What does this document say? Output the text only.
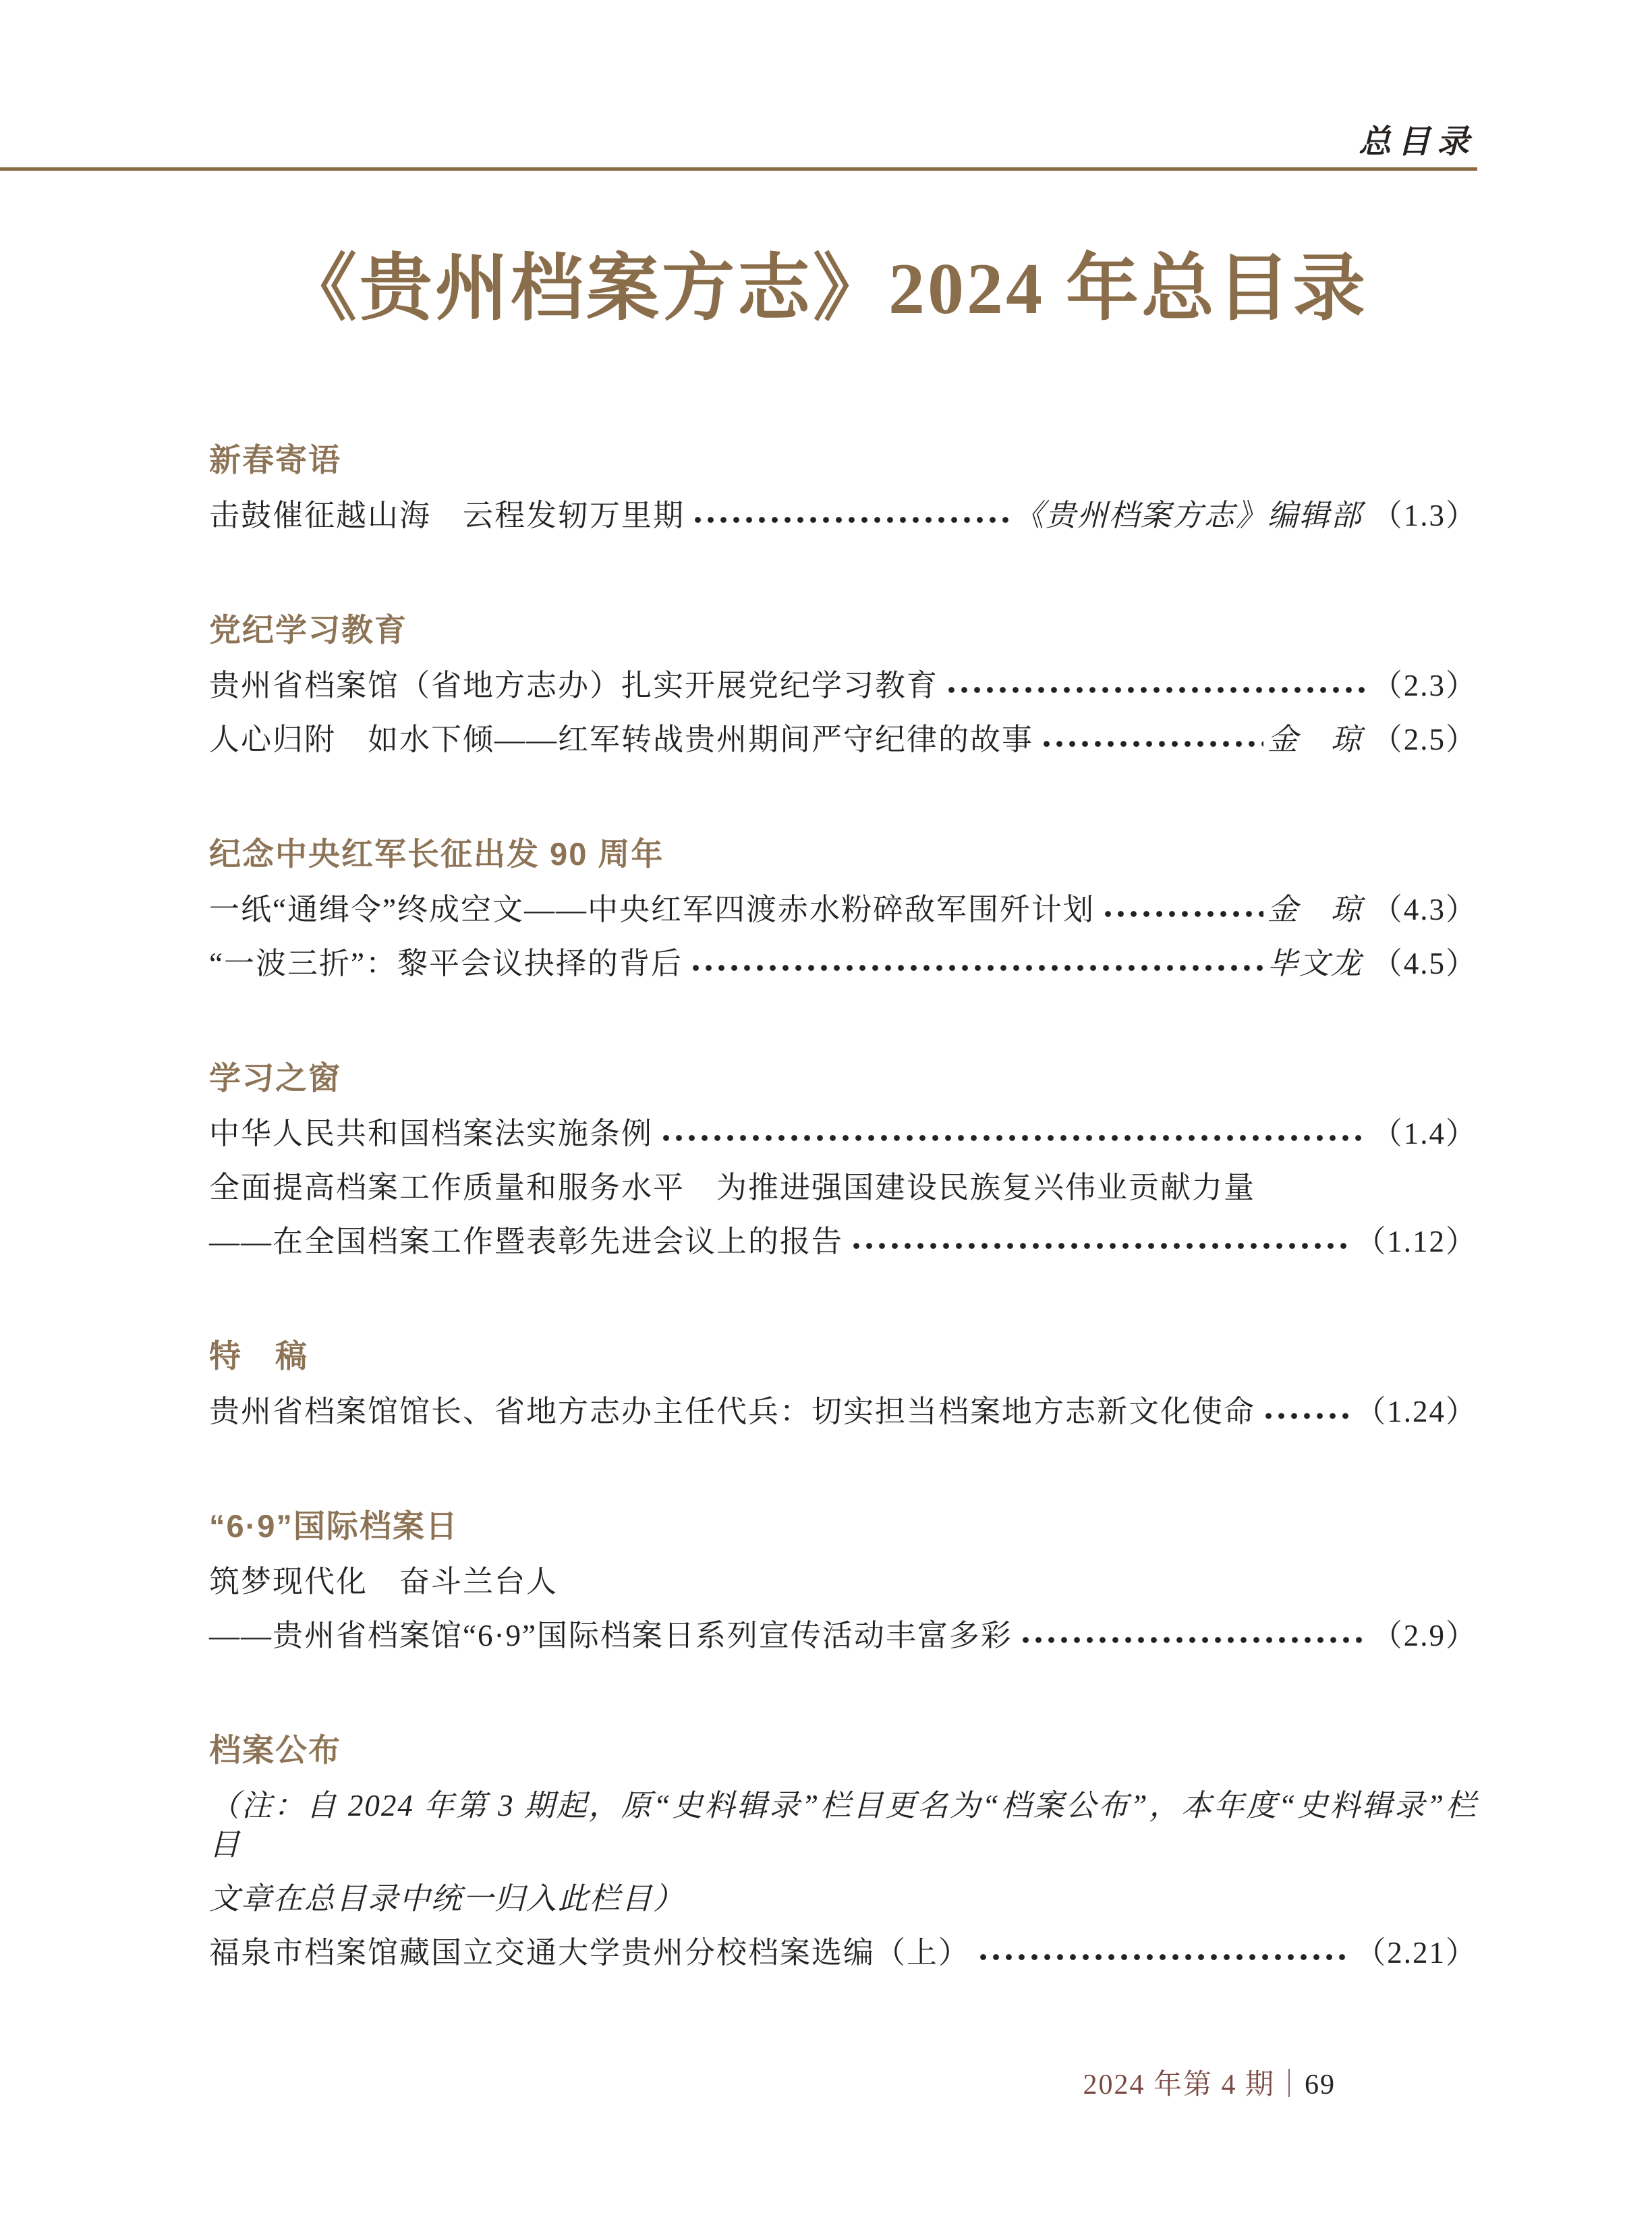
总目录
《贵州档案方志》2024 年总目录
新春寄语
击鼓催征越山海　云程发轫万里期	《贵州档案方志》编辑部 （1.3）
党纪学习教育
贵州省档案馆（省地方志办）扎实开展党纪学习教育	（2.3）
人心归附　如水下倾——红军转战贵州期间严守纪律的故事	金　琼 （2.5）
纪念中央红军长征出发 90 周年
一纸“通缉令”终成空文——中央红军四渡赤水粉碎敌军围歼计划	金　琼 （4.3）
“一波三折”：黎平会议抉择的背后	毕文龙 （4.5）
学习之窗
中华人民共和国档案法实施条例	（1.4）
全面提高档案工作质量和服务水平　为推进强国建设民族复兴伟业贡献力量
——在全国档案工作暨表彰先进会议上的报告	（1.12）
特　稿
贵州省档案馆馆长、省地方志办主任代兵：切实担当档案地方志新文化使命	（1.24）
“6·9”国际档案日
筑梦现代化　奋斗兰台人
——贵州省档案馆“6·9”国际档案日系列宣传活动丰富多彩	（2.9）
档案公布
（注：自 2024 年第 3 期起，原“史料辑录”栏目更名为“档案公布”，本年度“史料辑录”栏目
文章在总目录中统一归入此栏目）
福泉市档案馆藏国立交通大学贵州分校档案选编（上）	（2.21）
2024 年第 4 期｜69
